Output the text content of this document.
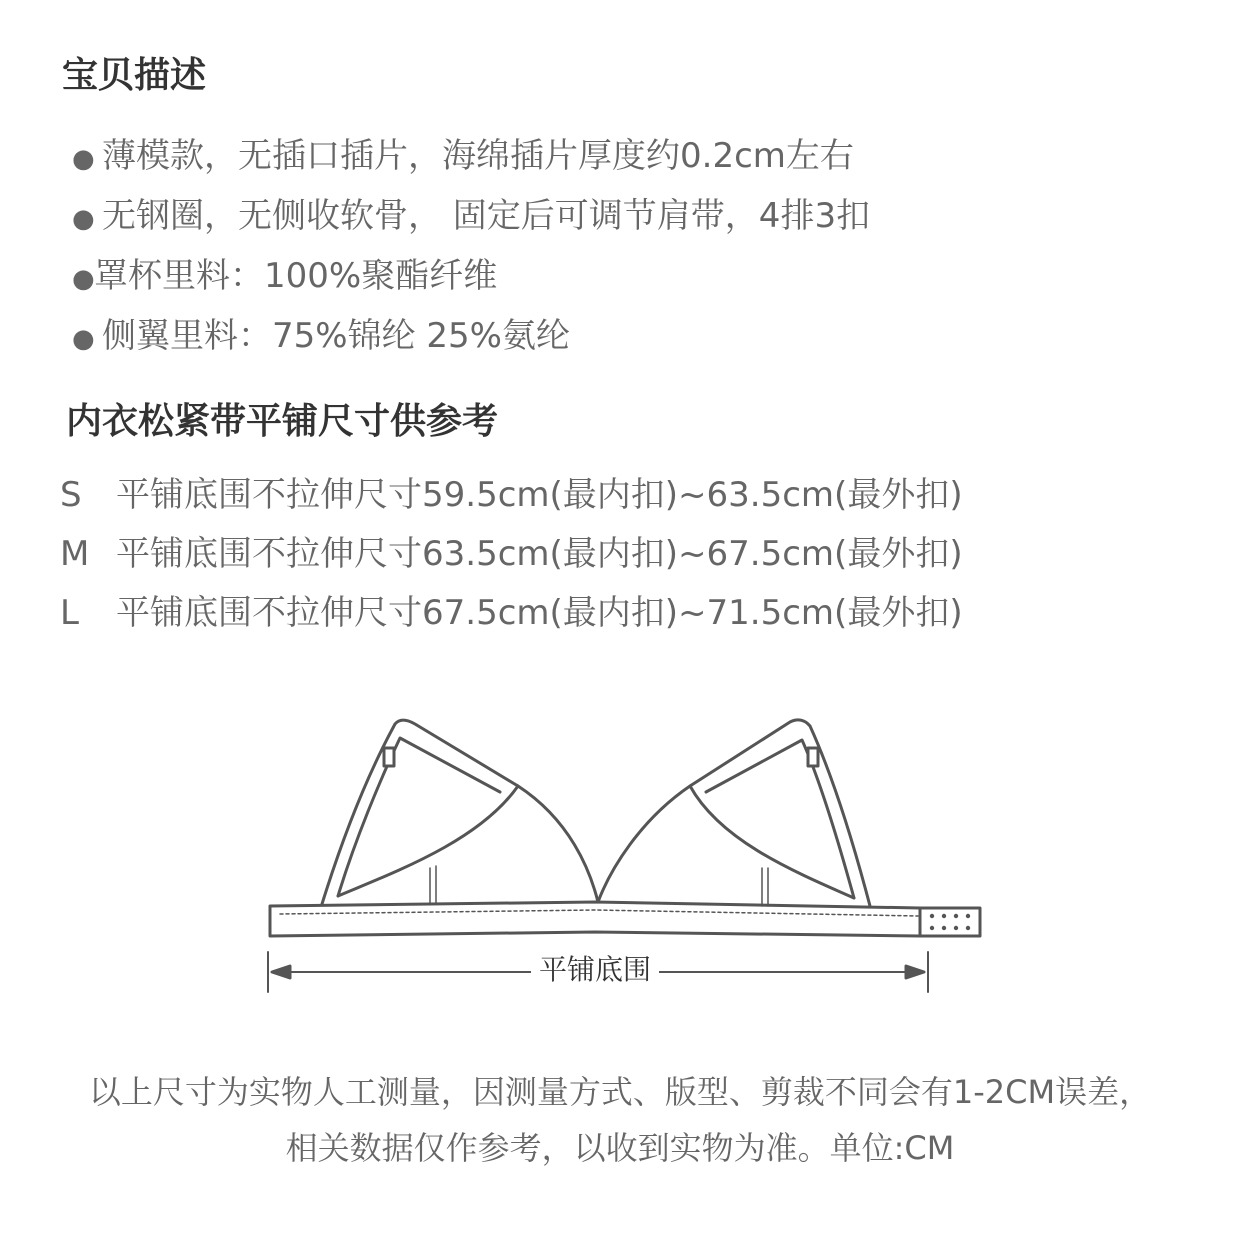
宝贝描述
● 薄模款，无插口插片，海绵插片厚度约0.2cm左右
● 无钢圈，无侧收软骨， 固定后可调节肩带，4排3扣
●罩杯里料：100%聚酯纤维
● 侧翼里料：75%锦纶 25%氨纶
内衣松紧带平铺尺寸供参考
S 平铺底围不拉伸尺寸59.5cm(最内扣)~63.5cm(最外扣)
M 平铺底围不拉伸尺寸63.5cm(最内扣)~67.5cm(最外扣)
L 平铺底围不拉伸尺寸67.5cm(最内扣)~71.5cm(最外扣)
平铺底围
以上尺寸为实物人工测量，因测量方式、版型、剪裁不同会有1-2CM误差，
相关数据仅作参考，以收到实物为准。单位:CM
